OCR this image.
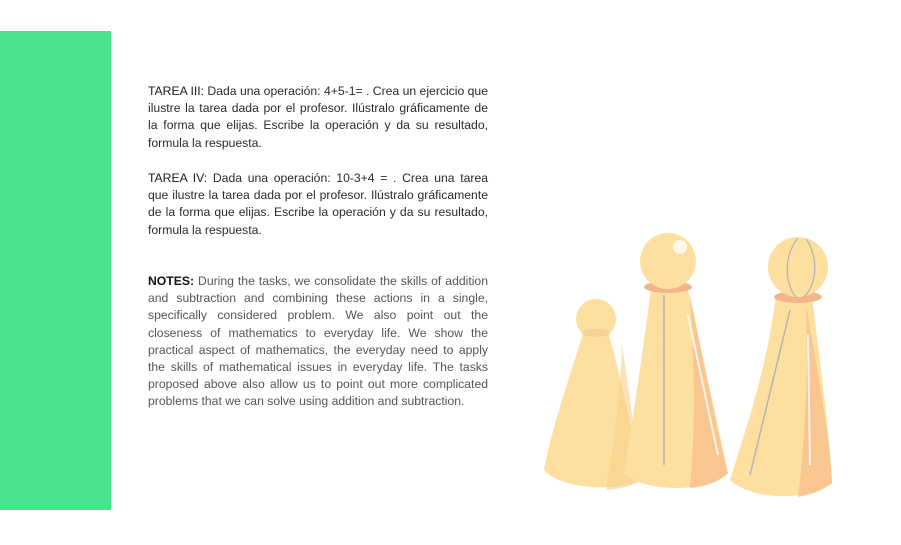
TAREA III: Dada una operación: 4+5-1= . Crea un ejercicio que ilustre la tarea dada por el profesor. Ilústralo gráficamente de la forma que elijas. Escribe la operación y da su resultado, formula la respuesta.

TAREA IV: Dada una operación: 10-3+4 = . Crea una tarea que ilustre la tarea dada por el profesor. Ilústralo gráficamente de la forma que elijas. Escribe la operación y da su resultado, formula la respuesta.

NOTES: During the tasks, we consolidate the skills of addition and subtraction and combining these actions in a single, specifically considered problem. We also point out the closeness of mathematics to everyday life. We show the practical aspect of mathematics, the everyday need to apply the skills of mathematical issues in everyday life. The tasks proposed above also allow us to point out more complicated problems that we can solve using addition and subtraction.
